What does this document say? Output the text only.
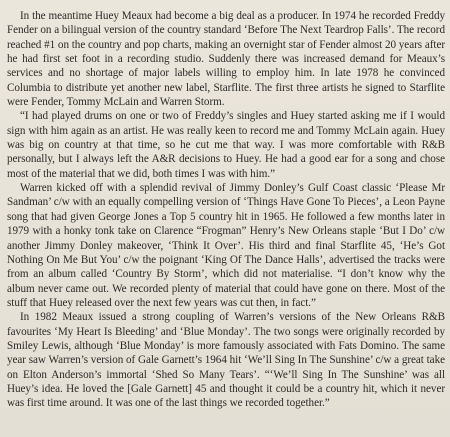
In the meantime Huey Meaux had become a big deal as a producer. In 1974 he recorded Freddy Fender on a bilingual version of the country standard ‘Before The Next Teardrop Falls’. The record reached #1 on the country and pop charts, making an overnight star of Fender almost 20 years after he had first set foot in a recording studio. Suddenly there was increased demand for Meaux’s services and no shortage of major labels willing to employ him. In late 1978 he convinced Columbia to distribute yet another new label, Starflite. The first three artists he signed to Starflite were Fender, Tommy McLain and Warren Storm.

“I had played drums on one or two of Freddy’s singles and Huey started asking me if I would sign with him again as an artist. He was really keen to record me and Tommy McLain again. Huey was big on country at that time, so he cut me that way. I was more comfortable with R&B personally, but I always left the A&R decisions to Huey. He had a good ear for a song and chose most of the material that we did, both times I was with him.”

Warren kicked off with a splendid revival of Jimmy Donley’s Gulf Coast classic ‘Please Mr Sandman’ c/w with an equally compelling version of ‘Things Have Gone To Pieces’, a Leon Payne song that had given George Jones a Top 5 country hit in 1965. He followed a few months later in 1979 with a honky tonk take on Clarence “Frogman” Henry’s New Orleans staple ‘But I Do’ c/w another Jimmy Donley makeover, ‘Think It Over’. His third and final Starflite 45, ‘He’s Got Nothing On Me But You’ c/w the poignant ‘King Of The Dance Halls’, advertised the tracks were from an album called ‘Country By Storm’, which did not materialise. “I don’t know why the album never came out. We recorded plenty of material that could have gone on there. Most of the stuff that Huey released over the next few years was cut then, in fact.”

In 1982 Meaux issued a strong coupling of Warren’s versions of the New Orleans R&B favourites ‘My Heart Is Bleeding’ and ‘Blue Monday’. The two songs were originally recorded by Smiley Lewis, although ‘Blue Monday’ is more famously associated with Fats Domino. The same year saw Warren’s version of Gale Garnett’s 1964 hit ‘We’ll Sing In The Sunshine’ c/w a great take on Elton Anderson’s immortal ‘Shed So Many Tears’. “‘We’ll Sing In The Sunshine’ was all Huey’s idea. He loved the [Gale Garnett] 45 and thought it could be a country hit, which it never was first time around. It was one of the last things we recorded together.”
